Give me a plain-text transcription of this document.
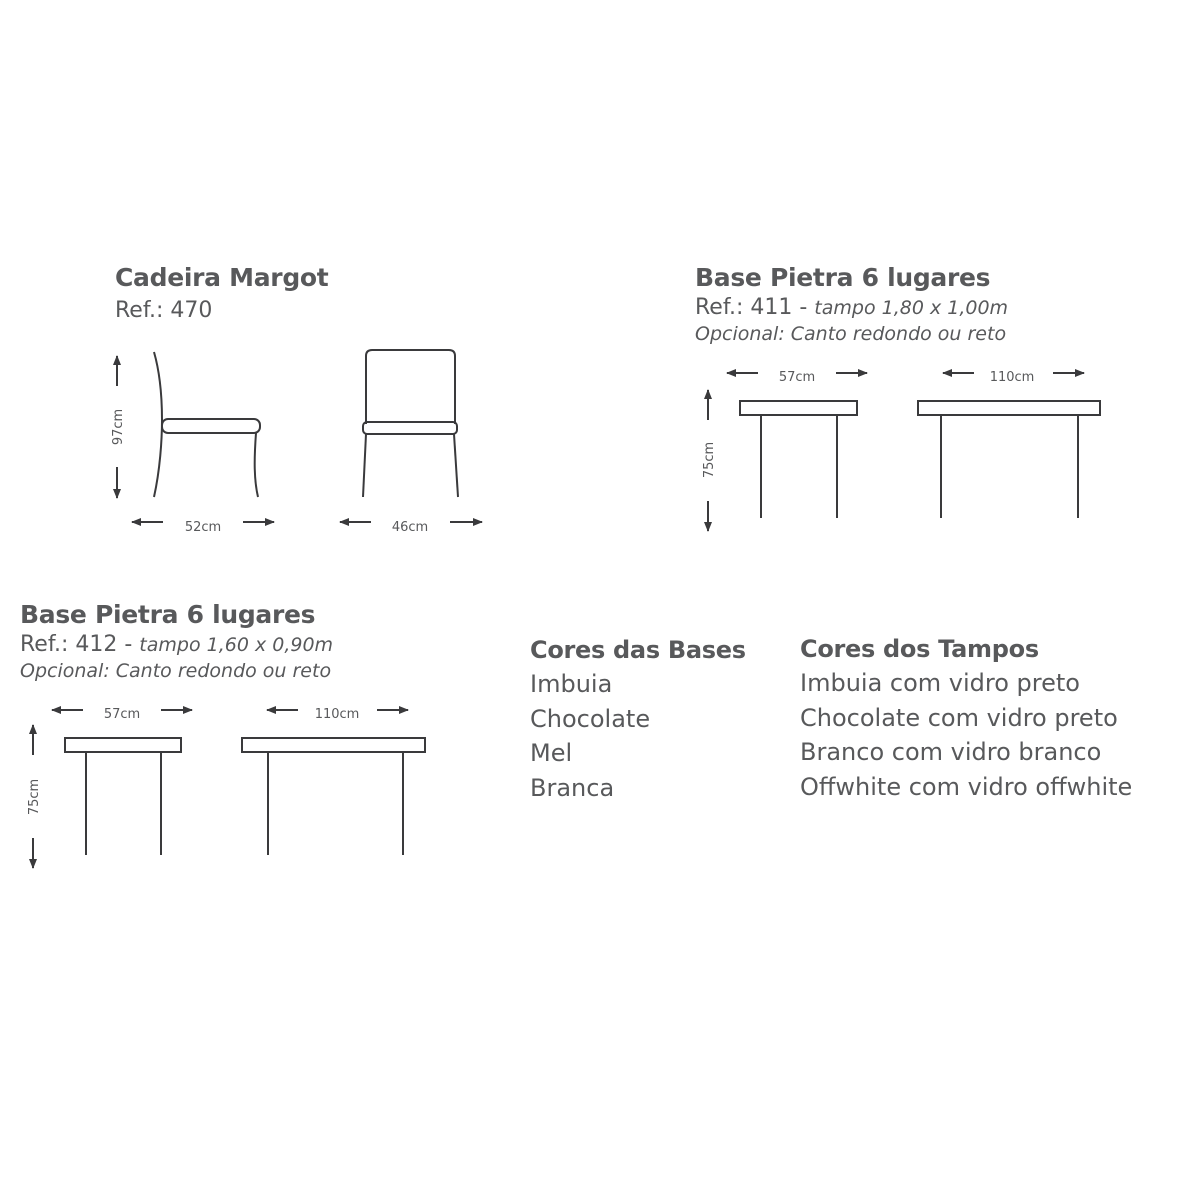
97cm
52cm	46cm
57cm	110cm
75cm
57cm	110cm
75cm
Cadeira Margot
Ref.: 470
Base Pietra 6 lugares
Ref.: 411 - tampo 1,80 x 1,00m
Opcional: Canto redondo ou reto
Base Pietra 6 lugares
Ref.: 412 - tampo 1,60 x 0,90m
Opcional: Canto redondo ou reto
Cores das Bases
Imbuia
Chocolate
Mel
Branca
Cores dos Tampos
Imbuia com vidro preto
Chocolate com vidro preto
Branco com vidro branco
Offwhite com vidro offwhite
